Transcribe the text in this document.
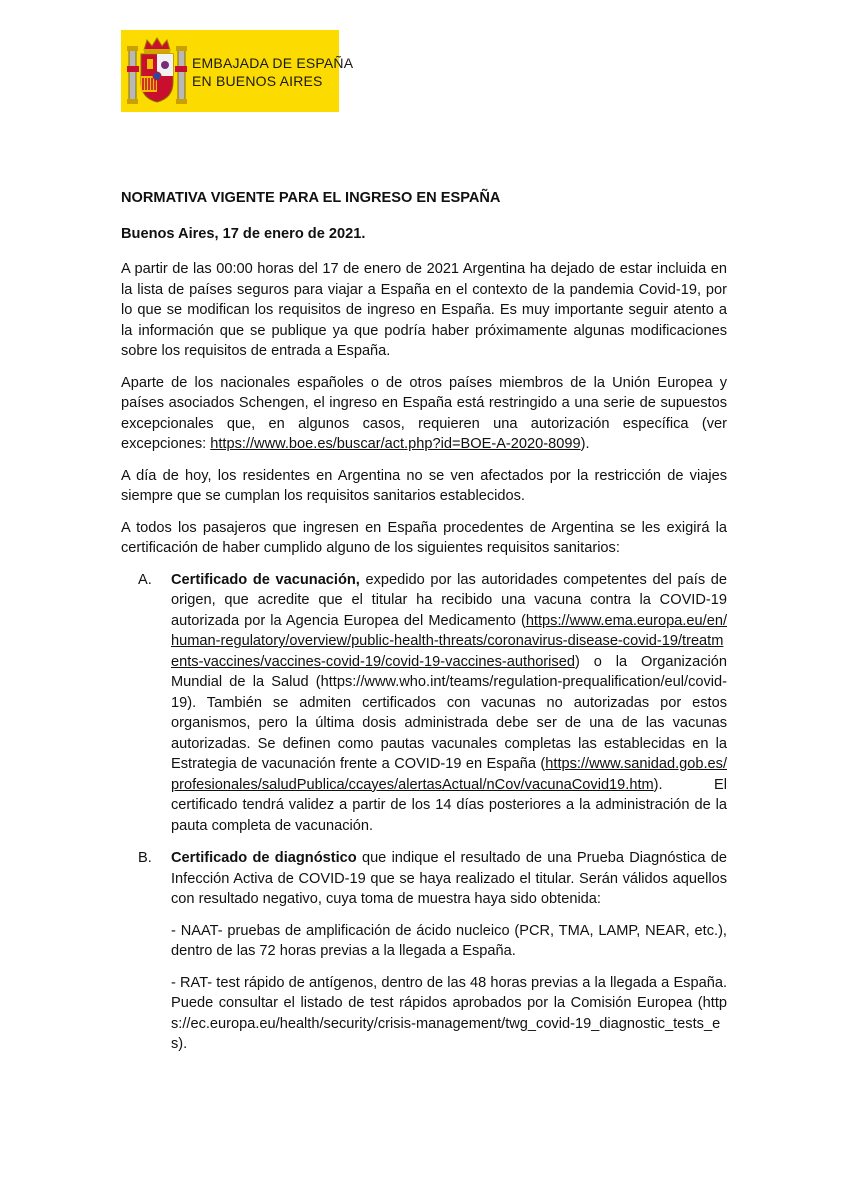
EMBAJADA DE ESPAÑA
EN BUENOS AIRES

NORMATIVA VIGENTE PARA EL INGRESO EN ESPAÑA

Buenos Aires, 17 de enero de 2021.

A partir de las 00:00 horas del 17 de enero de 2021 Argentina ha dejado de estar incluida en la lista de países seguros para viajar a España en el contexto de la pandemia Covid-19, por lo que se modifican los requisitos de ingreso en España. Es muy importante seguir atento a la información que se publique ya que podría haber próximamente algunas modificaciones sobre los requisitos de entrada a España.

Aparte de los nacionales españoles o de otros países miembros de la Unión Europea y países asociados Schengen, el ingreso en España está restringido a una serie de supuestos excepcionales que, en algunos casos, requieren una autorización específica (ver excepciones: https://www.boe.es/buscar/act.php?id=BOE-A-2020-8099).

A día de hoy, los residentes en Argentina no se ven afectados por la restricción de viajes siempre que se cumplan los requisitos sanitarios establecidos.

A todos los pasajeros que ingresen en España procedentes de Argentina se les exigirá la certificación de haber cumplido alguno de los siguientes requisitos sanitarios:

A. Certificado de vacunación, expedido por las autoridades competentes del país de origen, que acredite que el titular ha recibido una vacuna contra la COVID-19 autorizada por la Agencia Europea del Medicamento (https://www.ema.europa.eu/en/human-regulatory/overview/public-health-threats/coronavirus-disease-covid-19/treatments-vaccines/vaccines-covid-19/covid-19-vaccines-authorised) o la Organización Mundial de la Salud (https://www.who.int/teams/regulation-prequalification/eul/covid-19). También se admiten certificados con vacunas no autorizadas por estos organismos, pero la última dosis administrada debe ser de una de las vacunas autorizadas. Se definen como pautas vacunales completas las establecidas en la Estrategia de vacunación frente a COVID-19 en España (https://www.sanidad.gob.es/profesionales/saludPublica/ccayes/alertasActual/nCov/vacunaCovid19.htm). El certificado tendrá validez a partir de los 14 días posteriores a la administración de la pauta completa de vacunación.
B. Certificado de diagnóstico que indique el resultado de una Prueba Diagnóstica de Infección Activa de COVID-19 que se haya realizado el titular. Serán válidos aquellos con resultado negativo, cuya toma de muestra haya sido obtenida:

- NAAT- pruebas de amplificación de ácido nucleico (PCR, TMA, LAMP, NEAR, etc.), dentro de las 72 horas previas a la llegada a España.

- RAT- test rápido de antígenos, dentro de las 48 horas previas a la llegada a España. Puede consultar el listado de test rápidos aprobados por la Comisión Europea (https://ec.europa.eu/health/security/crisis-management/twg_covid-19_diagnostic_tests_es).
